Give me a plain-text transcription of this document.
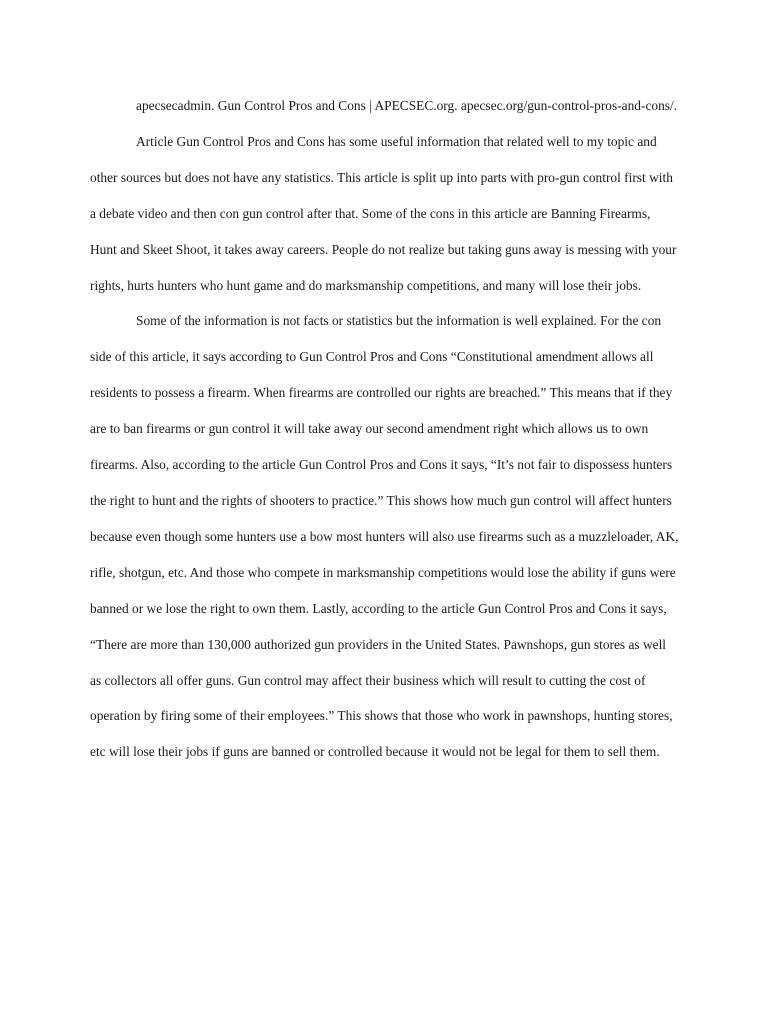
apecsecadmin. Gun Control Pros and Cons | APECSEC.org. apecsec.org/gun-control-pros-and-cons/.

Article Gun Control Pros and Cons has some useful information that related well to my topic and other sources but does not have any statistics. This article is split up into parts with pro-gun control first with a debate video and then con gun control after that. Some of the cons in this article are Banning Firearms, Hunt and Skeet Shoot, it takes away careers. People do not realize but taking guns away is messing with your rights, hurts hunters who hunt game and do marksmanship competitions, and many will lose their jobs.

Some of the information is not facts or statistics but the information is well explained. For the con side of this article, it says according to Gun Control Pros and Cons “Constitutional amendment allows all residents to possess a firearm. When firearms are controlled our rights are breached.” This means that if they are to ban firearms or gun control it will take away our second amendment right which allows us to own firearms. Also, according to the article Gun Control Pros and Cons it says, “It’s not fair to dispossess hunters the right to hunt and the rights of shooters to practice.” This shows how much gun control will affect hunters because even though some hunters use a bow most hunters will also use firearms such as a muzzleloader, AK, rifle, shotgun, etc. And those who compete in marksmanship competitions would lose the ability if guns were banned or we lose the right to own them. Lastly, according to the article Gun Control Pros and Cons it says, “There are more than 130,000 authorized gun providers in the United States. Pawnshops, gun stores as well as collectors all offer guns. Gun control may affect their business which will result to cutting the cost of operation by firing some of their employees.” This shows that those who work in pawnshops, hunting stores, etc will lose their jobs if guns are banned or controlled because it would not be legal for them to sell them.
